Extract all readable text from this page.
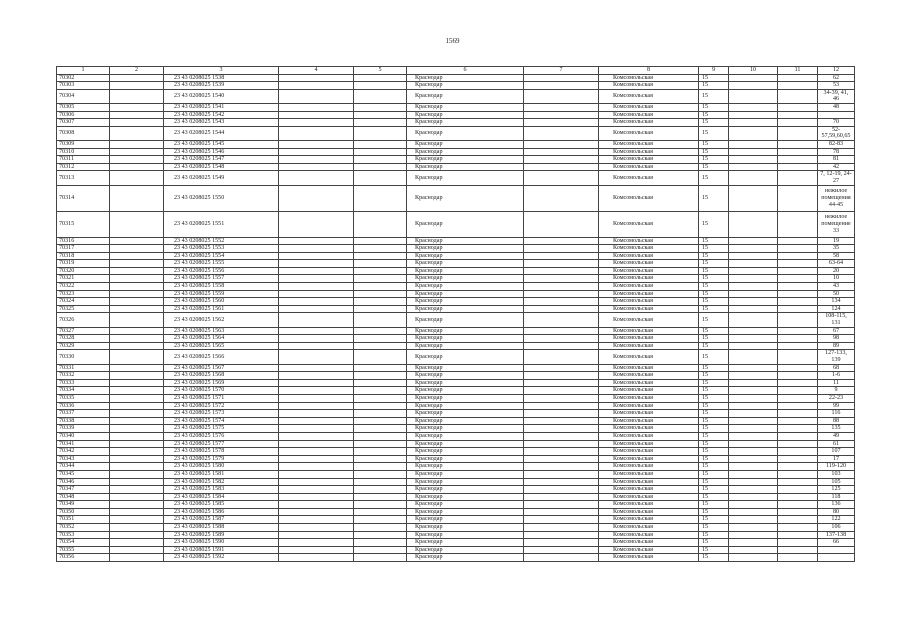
1569
1	2	3	4	5	6	7	8	9	10	11	12
70302		23 43 0208025 1538			Краснодар		Комсомольская	15			62
70303		23 43 0208025 1539			Краснодар		Комсомольская	15			53
70304		23 43 0208025 1540			Краснодар		Комсомольская	15			34-39, 41, 46
70305		23 43 0208025 1541			Краснодар		Комсомольская	15			48
70306		23 43 0208025 1542			Краснодар		Комсомольская	15			
70307		23 43 0208025 1543			Краснодар		Комсомольская	15			70
70308		23 43 0208025 1544			Краснодар		Комсомольская	15			52-57,59,60,65
70309		23 43 0208025 1545			Краснодар		Комсомольская	15			82-83
70310		23 43 0208025 1546			Краснодар		Комсомольская	15			78
70311		23 43 0208025 1547			Краснодар		Комсомольская	15			81
70312		23 43 0208025 1548			Краснодар		Комсомольская	15			42
70313		23 43 0208025 1549			Краснодар		Комсомольская	15			7, 12-19, 24-27
70314		23 43 0208025 1550			Краснодар		Комсомольская	15			нежилое помещения 44-45
70315		23 43 0208025 1551			Краснодар		Комсомольская	15			нежилое помещение 33
70316		23 43 0208025 1552			Краснодар		Комсомольская	15			19
70317		23 43 0208025 1553			Краснодар		Комсомольская	15			35
70318		23 43 0208025 1554			Краснодар		Комсомольская	15			58
70319		23 43 0208025 1555			Краснодар		Комсомольская	15			63-64
70320		23 43 0208025 1556			Краснодар		Комсомольская	15			20
70321		23 43 0208025 1557			Краснодар		Комсомольская	15			10
70322		23 43 0208025 1558			Краснодар		Комсомольская	15			43
70323		23 43 0208025 1559			Краснодар		Комсомольская	15			50
70324		23 43 0208025 1560			Краснодар		Комсомольская	15			134
70325		23 43 0208025 1561			Краснодар		Комсомольская	15			124
70326		23 43 0208025 1562			Краснодар		Комсомольская	15			108-115, 131
70327		23 43 0208025 1563			Краснодар		Комсомольская	15			67
70328		23 43 0208025 1564			Краснодар		Комсомольская	15			98
70329		23 43 0208025 1565			Краснодар		Комсомольская	15			89
70330		23 43 0208025 1566			Краснодар		Комсомольская	15			127-133, 139
70331		23 43 0208025 1567			Краснодар		Комсомольская	15			68
70332		23 43 0208025 1568			Краснодар		Комсомольская	15			1-6
70333		23 43 0208025 1569			Краснодар		Комсомольская	15			11
70334		23 43 0208025 1570			Краснодар		Комсомольская	15			9
70335		23 43 0208025 1571			Краснодар		Комсомольская	15			22-23
70336		23 43 0208025 1572			Краснодар		Комсомольская	15			99
70337		23 43 0208025 1573			Краснодар		Комсомольская	15			116
70338		23 43 0208025 1574			Краснодар		Комсомольская	15			88
70339		23 43 0208025 1575			Краснодар		Комсомольская	15			135
70340		23 43 0208025 1576			Краснодар		Комсомольская	15			49
70341		23 43 0208025 1577			Краснодар		Комсомольская	15			61
70342		23 43 0208025 1578			Краснодар		Комсомольская	15			107
70343		23 43 0208025 1579			Краснодар		Комсомольская	15			17
70344		23 43 0208025 1580			Краснодар		Комсомольская	15			119-120
70345		23 43 0208025 1581			Краснодар		Комсомольская	15			103
70346		23 43 0208025 1582			Краснодар		Комсомольская	15			105
70347		23 43 0208025 1583			Краснодар		Комсомольская	15			125
70348		23 43 0208025 1584			Краснодар		Комсомольская	15			118
70349		23 43 0208025 1585			Краснодар		Комсомольская	15			136
70350		23 43 0208025 1586			Краснодар		Комсомольская	15			80
70351		23 43 0208025 1587			Краснодар		Комсомольская	15			122
70352		23 43 0208025 1588			Краснодар		Комсомольская	15			106
70353		23 43 0208025 1589			Краснодар		Комсомольская	15			137-138
70354		23 43 0208025 1590			Краснодар		Комсомольская	15			66
70355		23 43 0208025 1591			Краснодар		Комсомольская	15			
70356		23 43 0208025 1592			Краснодар		Комсомольская	15			
